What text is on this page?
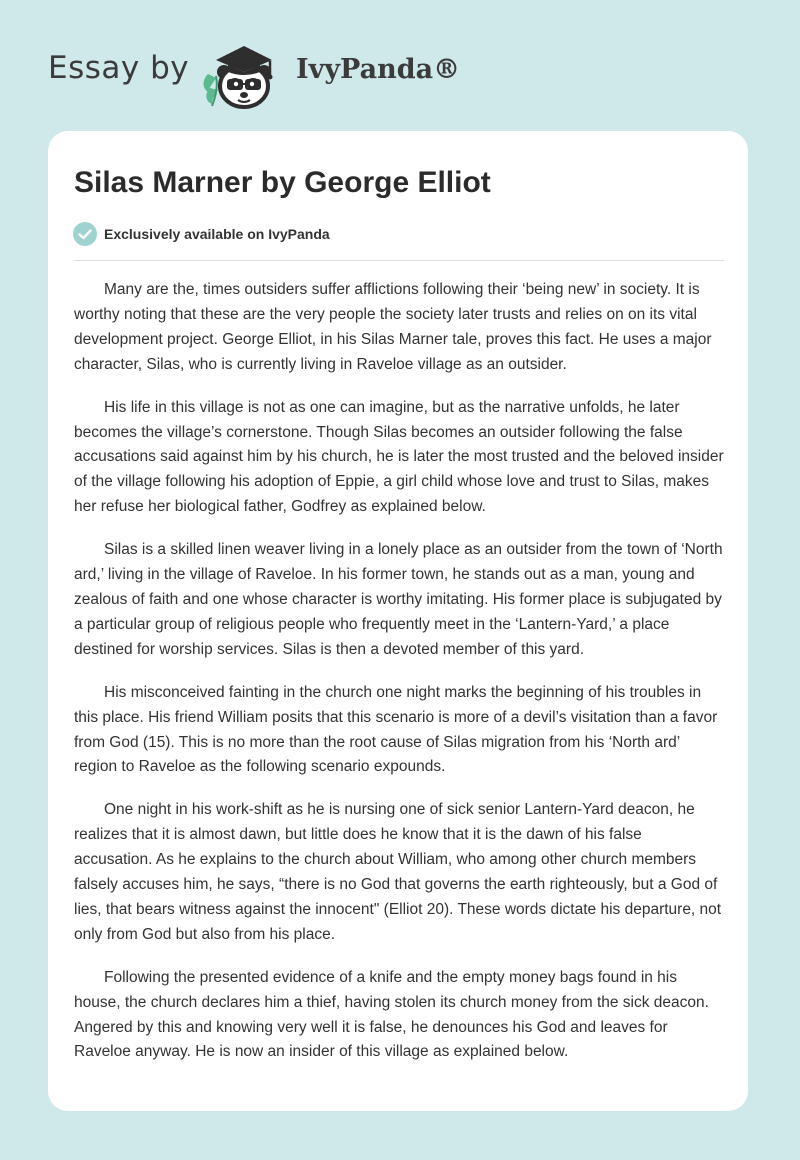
Essay by	IvyPanda®
Silas Marner by George Elliot
Exclusively available on IvyPanda

Many are the, times outsiders suffer afflictions following their ‘being new’ in society. It is worthy noting that these are the very people the society later trusts and relies on on its vital development project. George Elliot, in his Silas Marner tale, proves this fact. He uses a major character, Silas, who is currently living in Raveloe village as an outsider.

His life in this village is not as one can imagine, but as the narrative unfolds, he later becomes the village’s cornerstone. Though Silas becomes an outsider following the false accusations said against him by his church, he is later the most trusted and the beloved insider of the village following his adoption of Eppie, a girl child whose love and trust to Silas, makes her refuse her biological father, Godfrey as explained below.

Silas is a skilled linen weaver living in a lonely place as an outsider from the town of ‘North ard,’ living in the village of Raveloe. In his former town, he stands out as a man, young and zealous of faith and one whose character is worthy imitating. His former place is subjugated by a particular group of religious people who frequently meet in the ‘Lantern-Yard,’ a place destined for worship services. Silas is then a devoted member of this yard.

His misconceived fainting in the church one night marks the beginning of his troubles in this place. His friend William posits that this scenario is more of a devil’s visitation than a favor from God (15). This is no more than the root cause of Silas migration from his ‘North ard’ region to Raveloe as the following scenario expounds.

One night in his work-shift as he is nursing one of sick senior Lantern-Yard deacon, he realizes that it is almost dawn, but little does he know that it is the dawn of his false accusation. As he explains to the church about William, who among other church members falsely accuses him, he says, “there is no God that governs the earth righteously, but a God of lies, that bears witness against the innocent" (Elliot 20). These words dictate his departure, not only from God but also from his place.

Following the presented evidence of a knife and the empty money bags found in his house, the church declares him a thief, having stolen its church money from the sick deacon. Angered by this and knowing very well it is false, he denounces his God and leaves for Raveloe anyway. He is now an insider of this village as explained below.
